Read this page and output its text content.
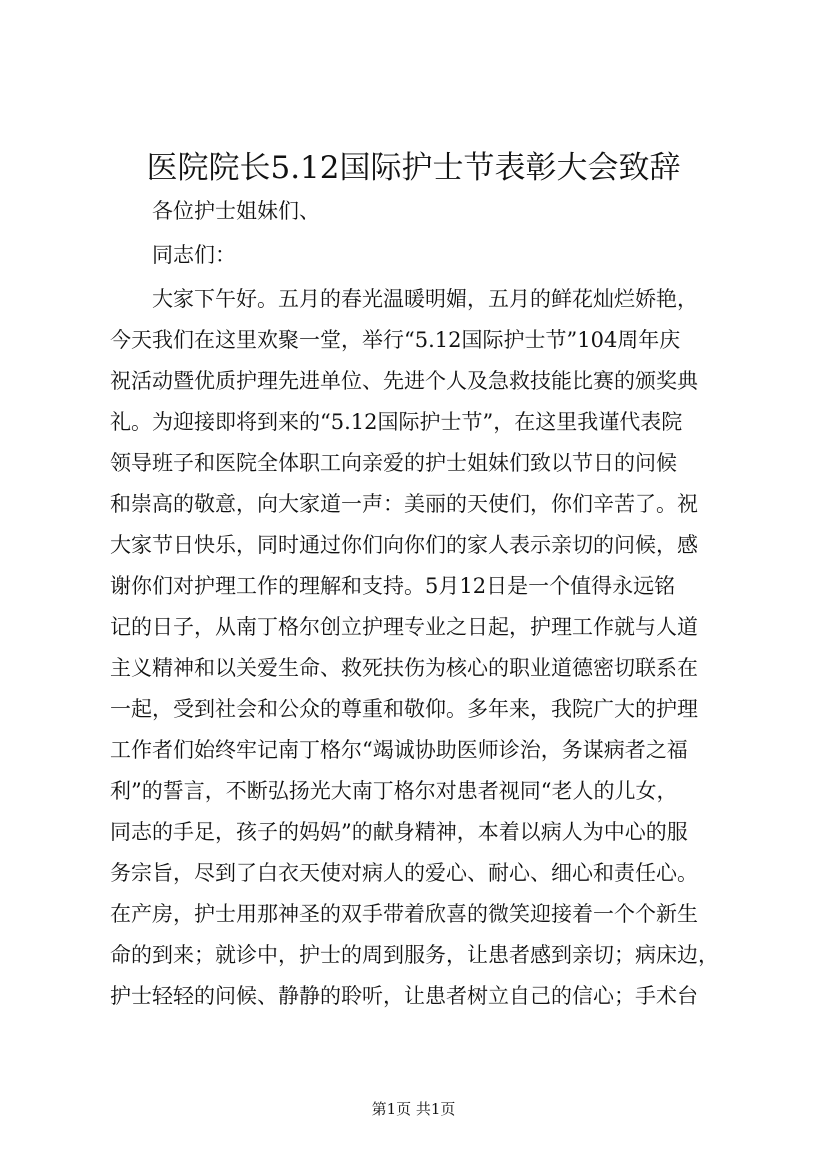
医院院长5.12国际护士节表彰大会致辞

各位护士姐妹们、

同志们：

大家下午好。五月的春光温暖明媚，五月的鲜花灿烂娇艳，
今天我们在这里欢聚一堂，举行“5.12国际护士节”104周年庆
祝活动暨优质护理先进单位、先进个人及急救技能比赛的颁奖典
礼。为迎接即将到来的“5.12国际护士节”，在这里我谨代表院
领导班子和医院全体职工向亲爱的护士姐妹们致以节日的问候
和崇高的敬意，向大家道一声：美丽的天使们，你们辛苦了。祝
大家节日快乐，同时通过你们向你们的家人表示亲切的问候，感
谢你们对护理工作的理解和支持。5月12日是一个值得永远铭
记的日子，从南丁格尔创立护理专业之日起，护理工作就与人道
主义精神和以关爱生命、救死扶伤为核心的职业道德密切联系在
一起，受到社会和公众的尊重和敬仰。多年来，我院广大的护理
工作者们始终牢记南丁格尔“竭诚协助医师诊治，务谋病者之福
利”的誓言，不断弘扬光大南丁格尔对患者视同“老人的儿女，
同志的手足，孩子的妈妈”的献身精神，本着以病人为中心的服
务宗旨，尽到了白衣天使对病人的爱心、耐心、细心和责任心。
在产房，护士用那神圣的双手带着欣喜的微笑迎接着一个个新生
命的到来；就诊中，护士的周到服务，让患者感到亲切；病床边，
护士轻轻的问候、静静的聆听，让患者树立自己的信心；手术台
第1页 共1页
